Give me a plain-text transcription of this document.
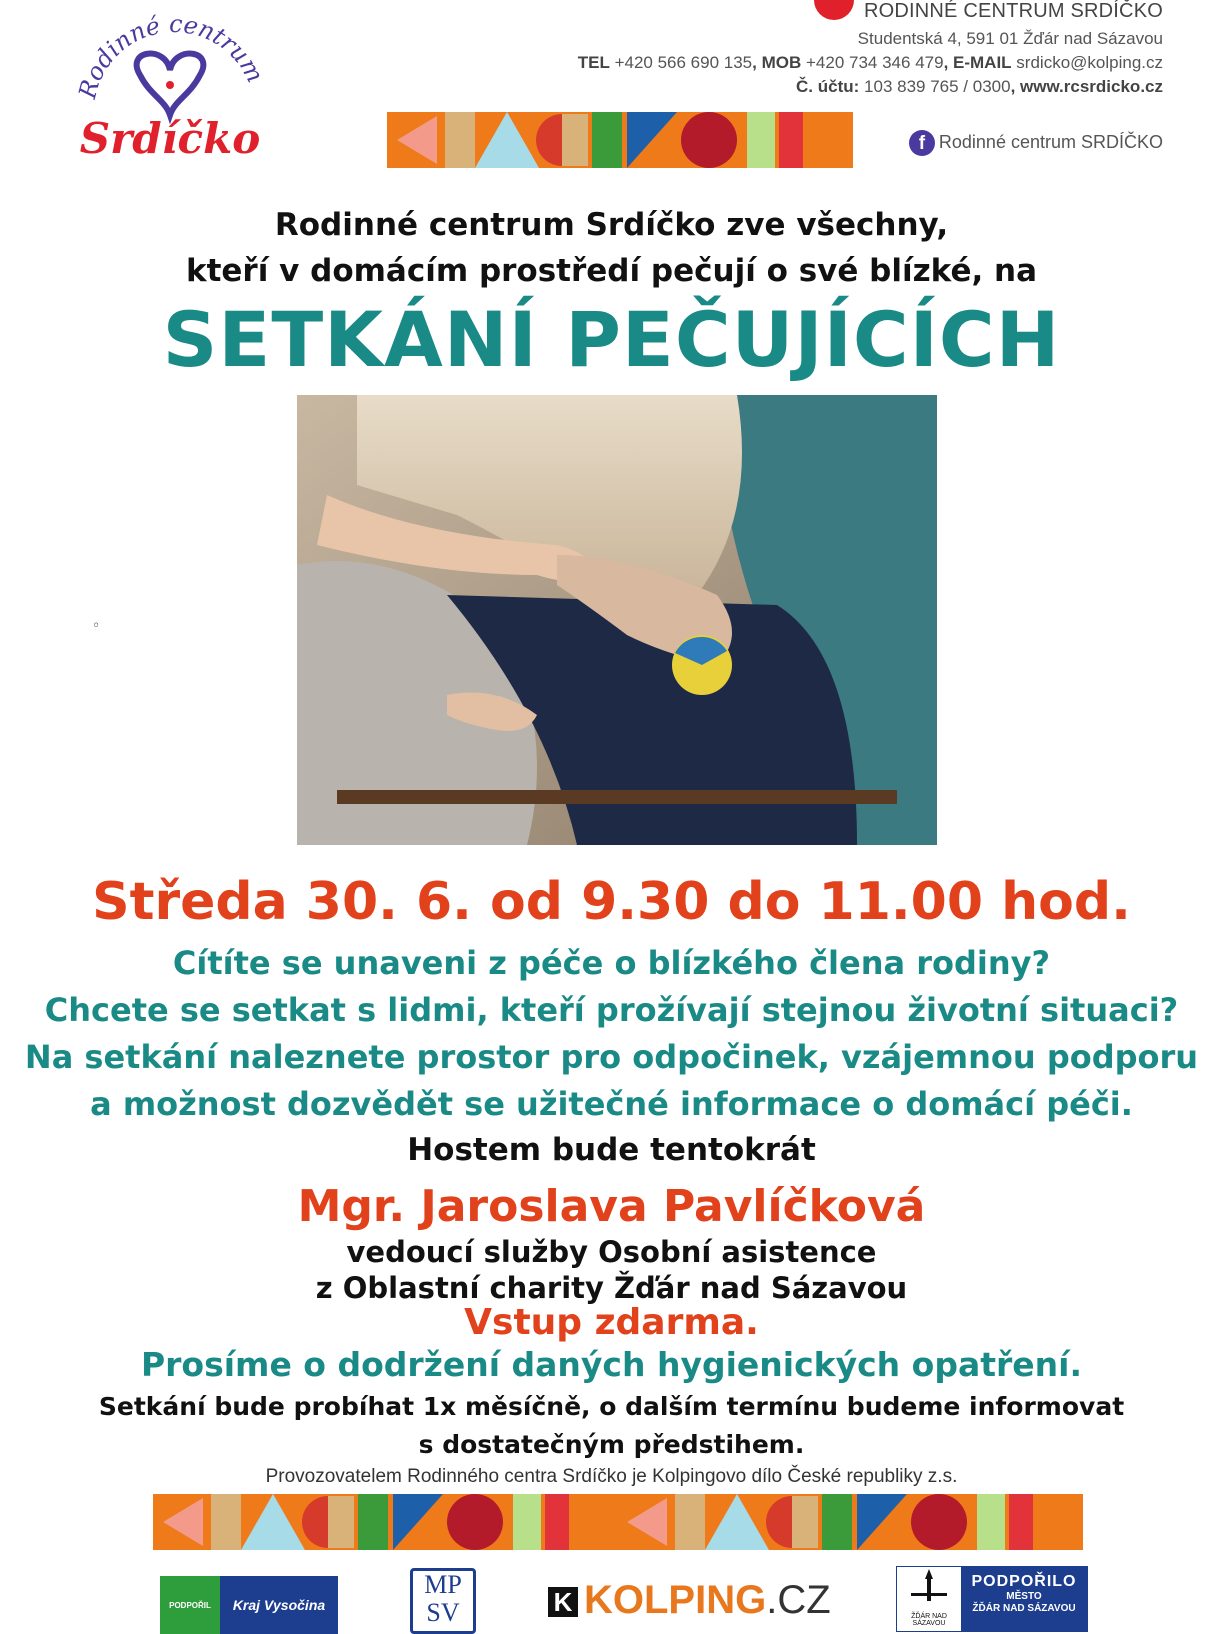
Rodinné centrum
Srdíčko
RODINNÉ CENTRUM SRDÍČKO
Studentská 4, 591 01 Žďár nad Sázavou
TEL +420 566 690 135, MOB +420 734 346 479, E-MAIL srdicko@kolping.cz
Č. účtu: 103 839 765 / 0300, www.rcsrdicko.cz
f Rodinné centrum SRDÍČKO
Rodinné centrum Srdíčko zve všechny,
kteří v domácím prostředí pečují o své blízké, na
SETKÁNÍ PEČUJÍCÍCH
◦
Středa 30. 6. od 9.30 do 11.00 hod.
Cítíte se unaveni z péče o blízkého člena rodiny?
Chcete se setkat s lidmi, kteří prožívají stejnou životní situaci?
Na setkání naleznete prostor pro odpočinek, vzájemnou podporu
a možnost dozvědět se užitečné informace o domácí péči.
Hostem bude tentokrát
Mgr. Jaroslava Pavlíčková
vedoucí služby Osobní asistence
z Oblastní charity Žďár nad Sázavou
Vstup zdarma.
Prosíme o dodržení daných hygienických opatření.
Setkání bude probíhat 1x měsíčně, o dalším termínu budeme informovat
s dostatečným předstihem.
Provozovatelem Rodinného centra Srdíčko je Kolpingovo dílo České republiky z.s.
PODPOŘIL	Kraj Vysočina
MP
SV	K KOLPING.CZ	ŽĎÁR NAD SÁZAVOU
PODPOŘILO
MĚSTO
ŽĎÁR NAD SÁZAVOU
